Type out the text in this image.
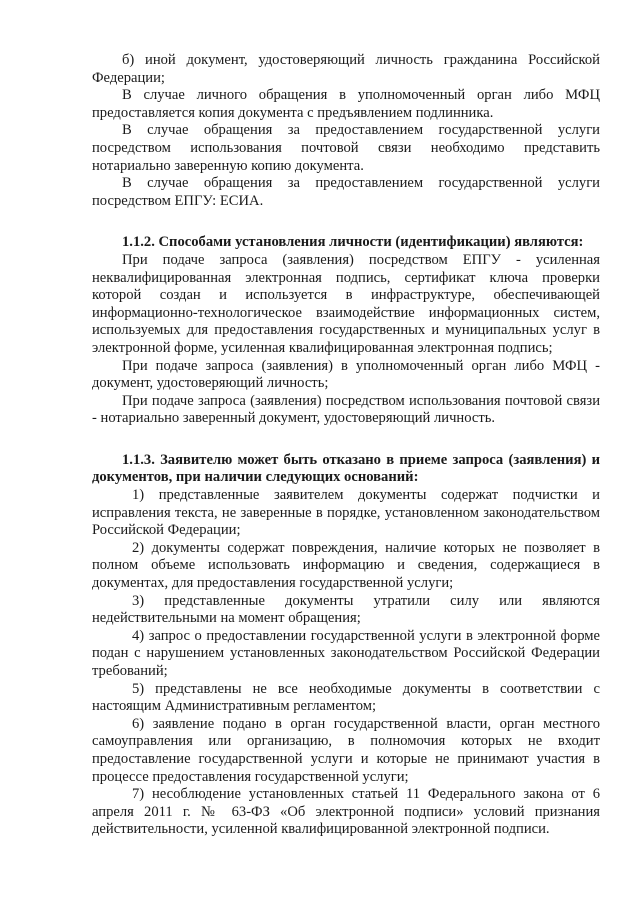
б) иной документ, удостоверяющий личность гражданина Российской Федерации;

В случае личного обращения в уполномоченный орган либо МФЦ предоставляется копия документа с предъявлением подлинника.

В случае обращения за предоставлением государственной услуги посредством использования почтовой связи необходимо представить нотариально заверенную копию документа.

В случае обращения за предоставлением государственной услуги посредством ЕПГУ: ЕСИА.

1.1.2. Способами установления личности (идентификации) являются:

При подаче запроса (заявления) посредством ЕПГУ - усиленная неквалифицированная электронная подпись, сертификат ключа проверки которой создан и используется в инфраструктуре, обеспечивающей информационно-технологическое взаимодействие информационных систем, используемых для предоставления государственных и муниципальных услуг в электронной форме, усиленная квалифицированная электронная подпись;

При подаче запроса (заявления) в уполномоченный орган либо МФЦ - документ, удостоверяющий личность;

При подаче запроса (заявления) посредством использования почтовой связи - нотариально заверенный документ, удостоверяющий личность.

1.1.3. Заявителю может быть отказано в приеме запроса (заявления) и документов, при наличии следующих оснований:

1) представленные заявителем документы содержат подчистки и исправления текста, не заверенные в порядке, установленном законодательством Российской Федерации;

2) документы содержат повреждения, наличие которых не позволяет в полном объеме использовать информацию и сведения, содержащиеся в документах, для предоставления государственной услуги;

3) представленные документы утратили силу или являются недействительными на момент обращения;

4) запрос о предоставлении государственной услуги в электронной форме подан с нарушением установленных законодательством Российской Федерации требований;

5) представлены не все необходимые документы в соответствии с настоящим Административным регламентом;

6) заявление подано в орган государственной власти, орган местного самоуправления или организацию, в полномочия которых не входит предоставление государственной услуги и которые не принимают участия в процессе предоставления государственной услуги;

7) несоблюдение установленных статьей 11 Федерального закона от 6 апреля 2011 г. № 63-ФЗ «Об электронной подписи» условий признания действительности, усиленной квалифицированной электронной подписи.
